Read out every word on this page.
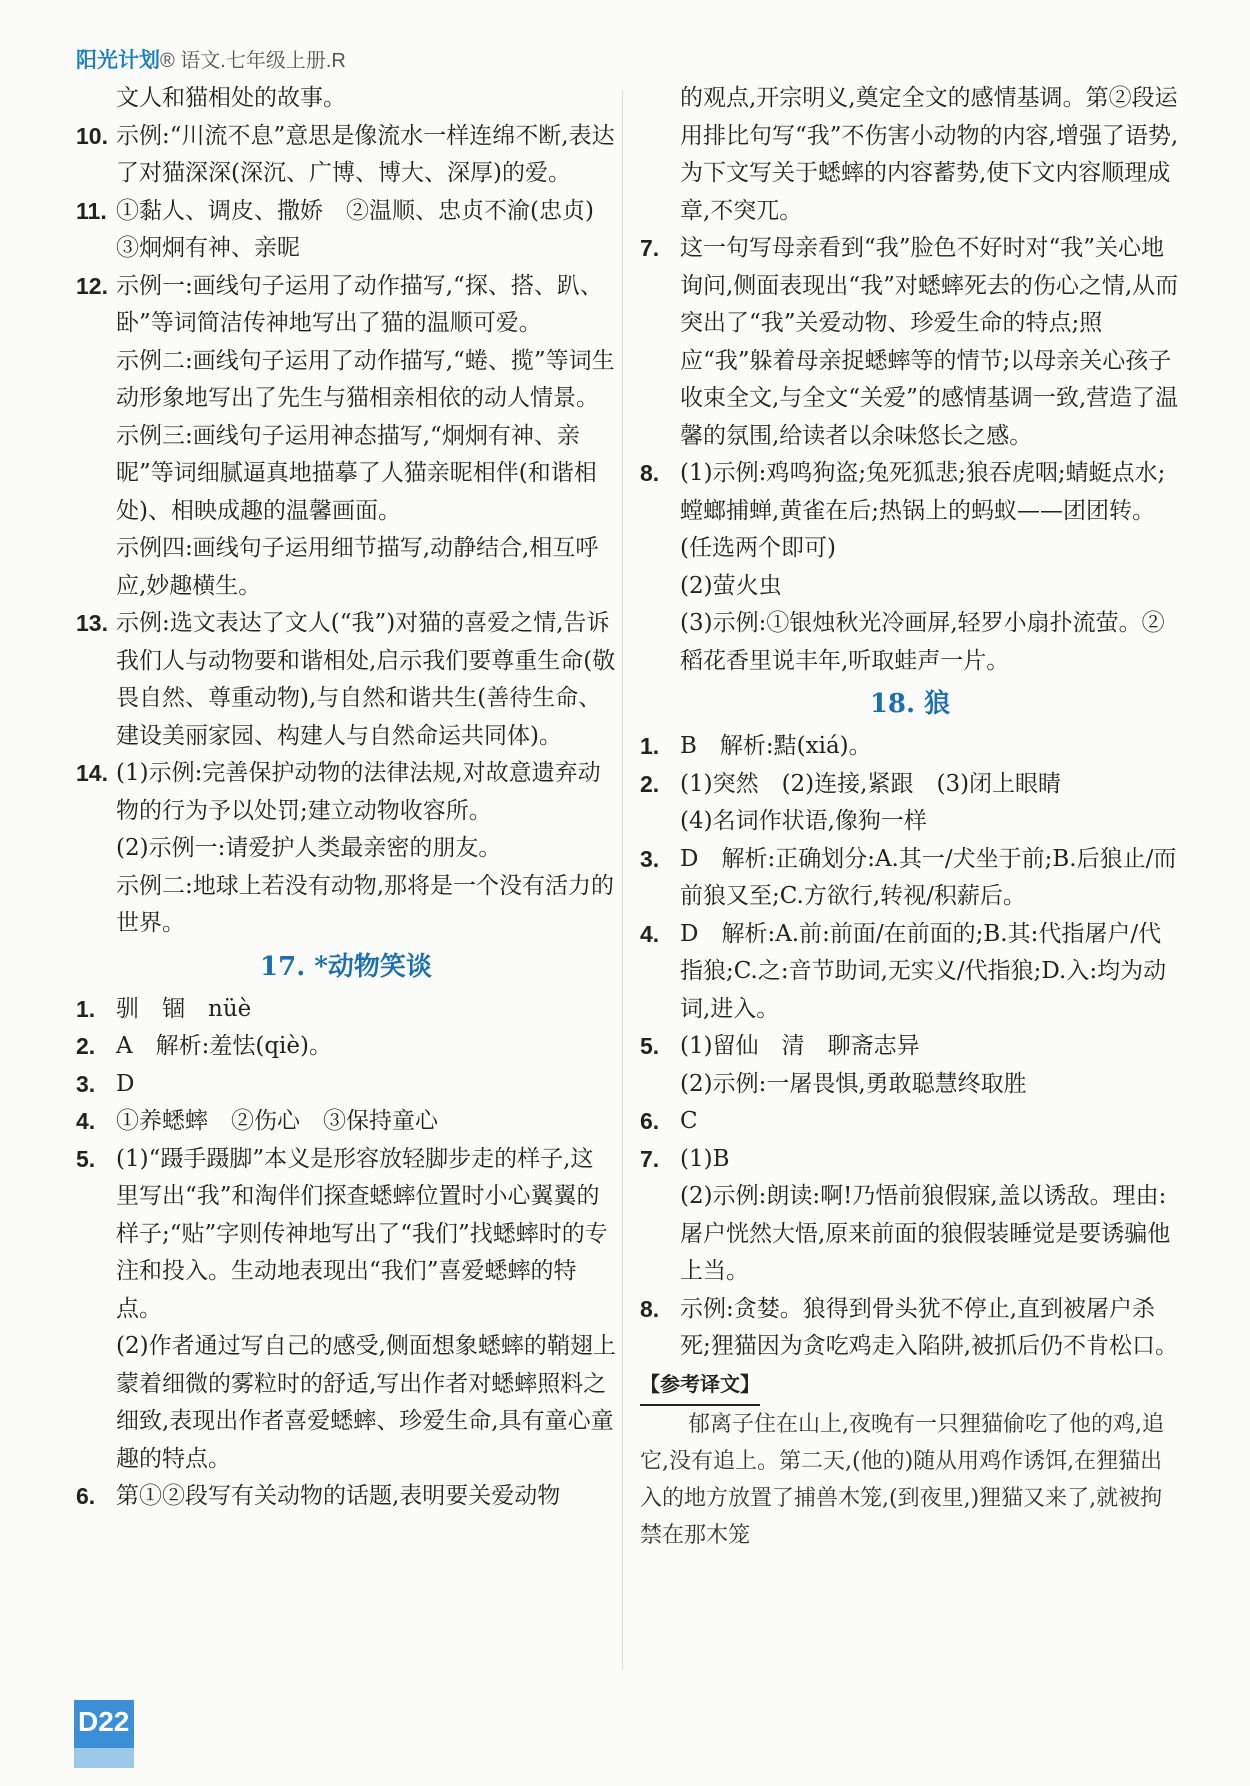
阳光计划® 语文.七年级上册.R
文人和猫相处的故事。
10. 示例:“川流不息”意思是像流水一样连绵不断,表达了对猫深深(深沉、广博、博大、深厚)的爱。
11. ①黏人、调皮、撒娇　②温顺、忠贞不渝(忠贞)　③炯炯有神、亲昵
12. 示例一:画线句子运用了动作描写,“探、搭、趴、卧”等词简洁传神地写出了猫的温顺可爱。
示例二:画线句子运用了动作描写,“蜷、揽”等词生动形象地写出了先生与猫相亲相依的动人情景。
示例三:画线句子运用神态描写,“炯炯有神、亲昵”等词细腻逼真地描摹了人猫亲昵相伴(和谐相处)、相映成趣的温馨画面。
示例四:画线句子运用细节描写,动静结合,相互呼应,妙趣横生。
13. 示例:选文表达了文人(“我”)对猫的喜爱之情,告诉我们人与动物要和谐相处,启示我们要尊重生命(敬畏自然、尊重动物),与自然和谐共生(善待生命、建设美丽家园、构建人与自然命运共同体)。
14. (1)示例:完善保护动物的法律法规,对故意遗弃动物的行为予以处罚;建立动物收容所。
(2)示例一:请爱护人类最亲密的朋友。
示例二:地球上若没有动物,那将是一个没有活力的世界。
17. *动物笑谈
1. 驯　锢　nüè
2. A　解析:羞怯(qiè)。
3. D
4. ①养蟋蟀　②伤心　③保持童心
5. (1)“蹑手蹑脚”本义是形容放轻脚步走的样子,这里写出“我”和淘伴们探查蟋蟀位置时小心翼翼的样子;“贴”字则传神地写出了“我们”找蟋蟀时的专注和投入。生动地表现出“我们”喜爱蟋蟀的特点。
(2)作者通过写自己的感受,侧面想象蟋蟀的鞘翅上蒙着细微的雾粒时的舒适,写出作者对蟋蟀照料之细致,表现出作者喜爱蟋蟀、珍爱生命,具有童心童趣的特点。
6. 第①②段写有关动物的话题,表明要关爱动物
的观点,开宗明义,奠定全文的感情基调。第②段运用排比句写“我”不伤害小动物的内容,增强了语势,为下文写关于蟋蟀的内容蓄势,使下文内容顺理成章,不突兀。
7. 这一句写母亲看到“我”脸色不好时对“我”关心地询问,侧面表现出“我”对蟋蟀死去的伤心之情,从而突出了“我”关爱动物、珍爱生命的特点;照应“我”躲着母亲捉蟋蟀等的情节;以母亲关心孩子收束全文,与全文“关爱”的感情基调一致,营造了温馨的氛围,给读者以余味悠长之感。
8. (1)示例:鸡鸣狗盗;兔死狐悲;狼吞虎咽;蜻蜓点水;螳螂捕蝉,黄雀在后;热锅上的蚂蚁——团团转。(任选两个即可)
(2)萤火虫
(3)示例:①银烛秋光冷画屏,轻罗小扇扑流萤。②稻花香里说丰年,听取蛙声一片。
18. 狼
1. B　解析:黠(xiá)。
2. (1)突然　(2)连接,紧跟　(3)闭上眼睛
(4)名词作状语,像狗一样
3. D　解析:正确划分:A.其一/犬坐于前;B.后狼止/而前狼又至;C.方欲行,转视/积薪后。
4. D　解析:A.前:前面/在前面的;B.其:代指屠户/代指狼;C.之:音节助词,无实义/代指狼;D.入:均为动词,进入。
5. (1)留仙　清　聊斋志异
(2)示例:一屠畏惧,勇敢聪慧终取胜
6. C
7. (1)B
(2)示例:朗读:啊!乃悟前狼假寐,盖以诱敌。理由:屠户恍然大悟,原来前面的狼假装睡觉是要诱骗他上当。
8. 示例:贪婪。狼得到骨头犹不停止,直到被屠户杀死;狸猫因为贪吃鸡走入陷阱,被抓后仍不肯松口。
【参考译文】
郁离子住在山上,夜晚有一只狸猫偷吃了他的鸡,追它,没有追上。第二天,(他的)随从用鸡作诱饵,在狸猫出入的地方放置了捕兽木笼,(到夜里,)狸猫又来了,就被拘禁在那木笼
D22
